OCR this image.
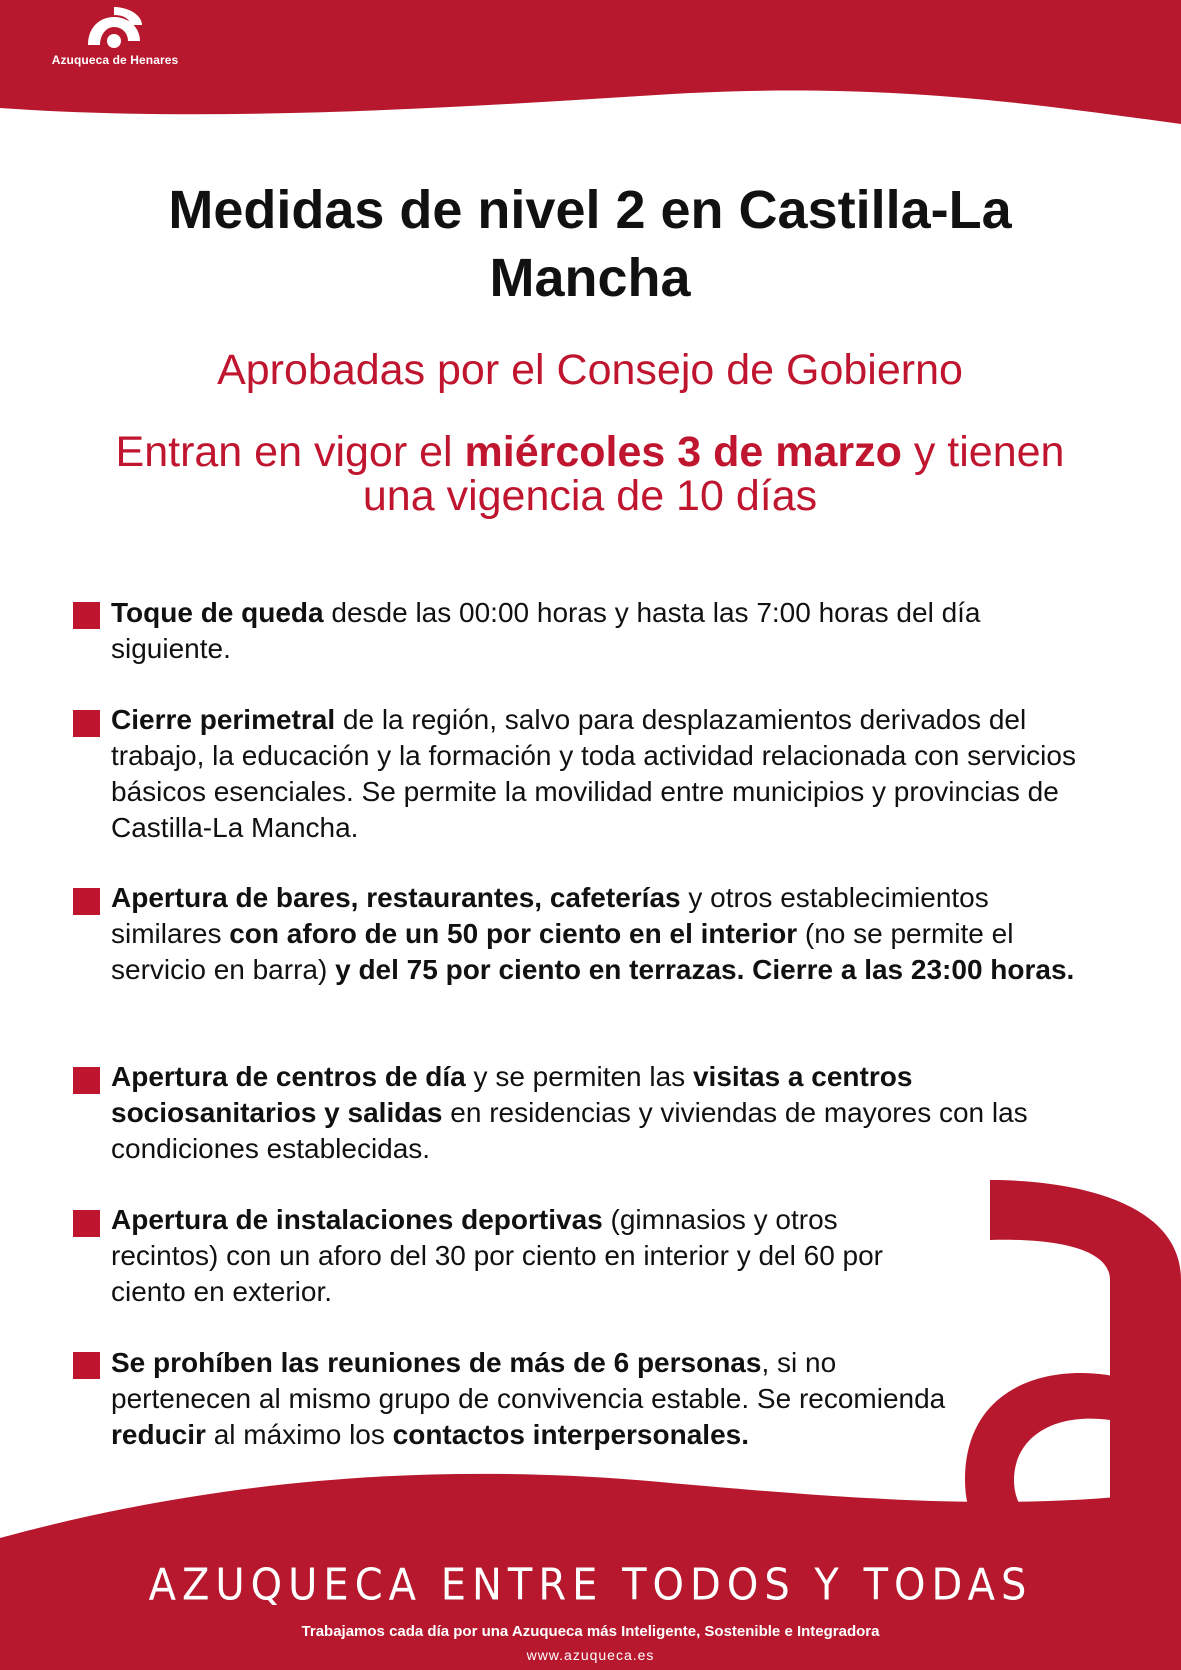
Azuqueca de Henares
Medidas de nivel 2 en Castilla-La Mancha

Aprobadas por el Consejo de Gobierno

Entran en vigor el miércoles 3 de marzo y tienen una vigencia de 10 días

Toque de queda desde las 00:00 horas y hasta las 7:00 horas del día siguiente.

Cierre perimetral de la región, salvo para desplazamientos derivados del trabajo, la educación y la formación y toda actividad relacionada con servicios básicos esenciales. Se permite la movilidad entre municipios y provincias de Castilla-La Mancha.

Apertura de bares, restaurantes, cafeterías y otros establecimientos similares con aforo de un 50 por ciento en el interior (no se permite el servicio en barra) y del 75 por ciento en terrazas. Cierre a las 23:00 horas.

Apertura de centros de día y se permiten las visitas a centros sociosanitarios y salidas en residencias y viviendas de mayores con las condiciones establecidas.

Apertura de instalaciones deportivas (gimnasios y otros recintos) con un aforo del 30 por ciento en interior y del 60 por ciento en exterior.

Se prohíben las reuniones de más de 6 personas, si no pertenecen al mismo grupo de convivencia estable. Se recomienda reducir al máximo los contactos interpersonales.

AZUQUECA ENTRE TODOS Y TODAS
Trabajamos cada día por una Azuqueca más Inteligente, Sostenible e Integradora
www.azuqueca.es
